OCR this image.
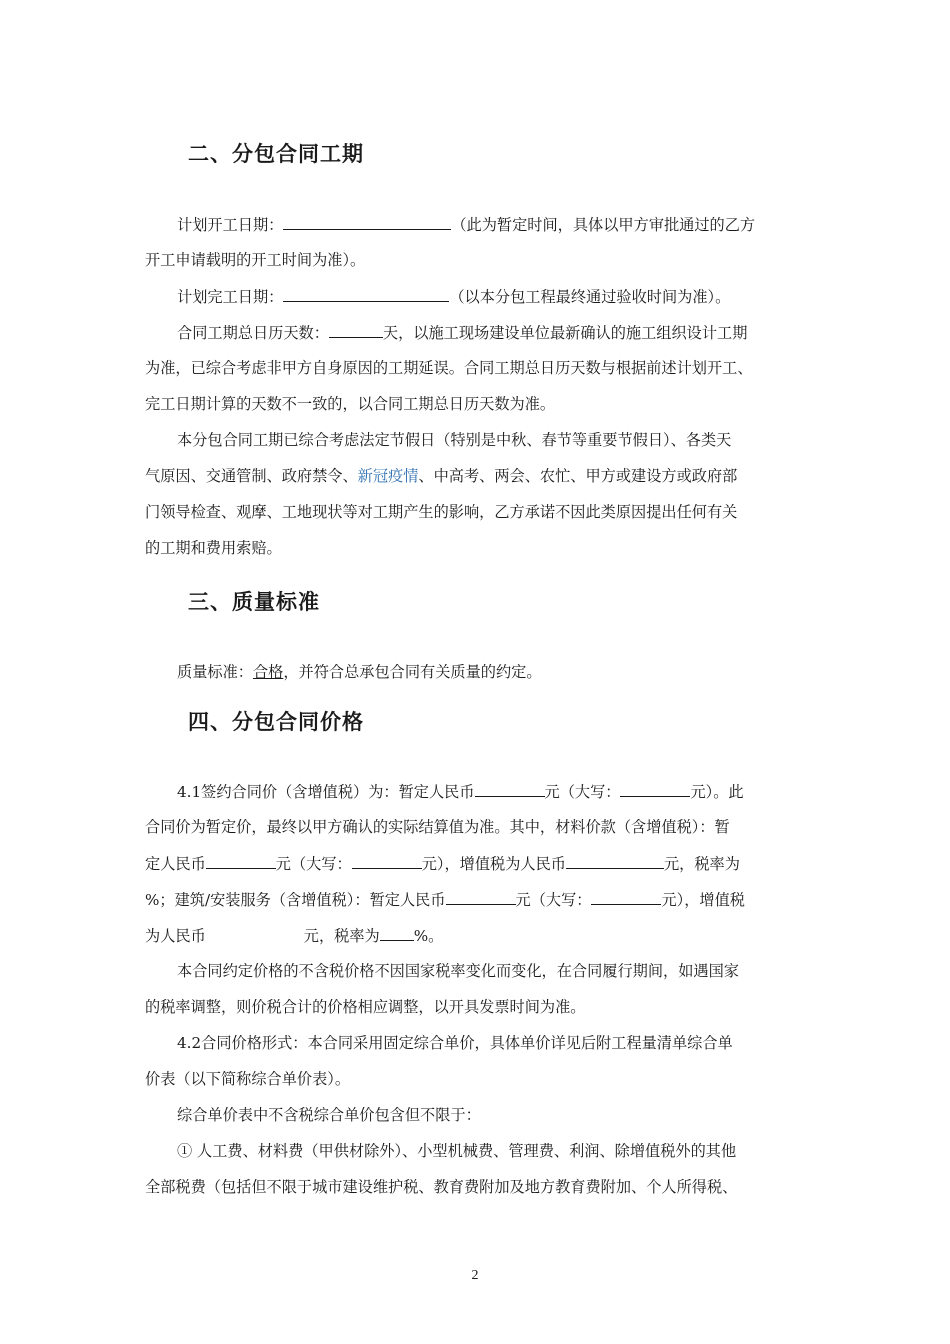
二、分包合同工期
计划开工日期：	（此为暂定时间，具体以甲方审批通过的乙方
开工申请载明的开工时间为准）。
计划完工日期：	（以本分包工程最终通过验收时间为准）。
合同工期总日历天数：	天，以施工现场建设单位最新确认的施工组织设计工期
为准，已综合考虑非甲方自身原因的工期延误。合同工期总日历天数与根据前述计划开工、
完工日期计算的天数不一致的，以合同工期总日历天数为准。
本分包合同工期已综合考虑法定节假日（特别是中秋、春节等重要节假日）、各类天
气原因、交通管制、政府禁令、新冠疫情、中高考、两会、农忙、甲方或建设方或政府部
门领导检查、观摩、工地现状等对工期产生的影响，乙方承诺不因此类原因提出任何有关
的工期和费用索赔。
三、质量标准
质量标准：合格，并符合总承包合同有关质量的约定。
四、分包合同价格
4.1签约合同价（含增值税）为：暂定人民币	元（大写：	元）。此
合同价为暂定价，最终以甲方确认的实际结算值为准。其中，材料价款（含增值税）：暂
定人民币	元（大写：	元），增值税为人民币	元，税率为
%；建筑/安装服务（含增值税）：暂定人民币	元（大写：	元），增值税
为人民币	元，税率为 %。
本合同约定价格的不含税价格不因国家税率变化而变化，在合同履行期间，如遇国家
的税率调整，则价税合计的价格相应调整，以开具发票时间为准。
4.2合同价格形式：本合同采用固定综合单价，具体单价详见后附工程量清单综合单
价表（以下简称综合单价表）。
综合单价表中不含税综合单价包含但不限于：
① 人工费、材料费（甲供材除外）、小型机械费、管理费、利润、除增值税外的其他
全部税费（包括但不限于城市建设维护税、教育费附加及地方教育费附加、个人所得税、
2
